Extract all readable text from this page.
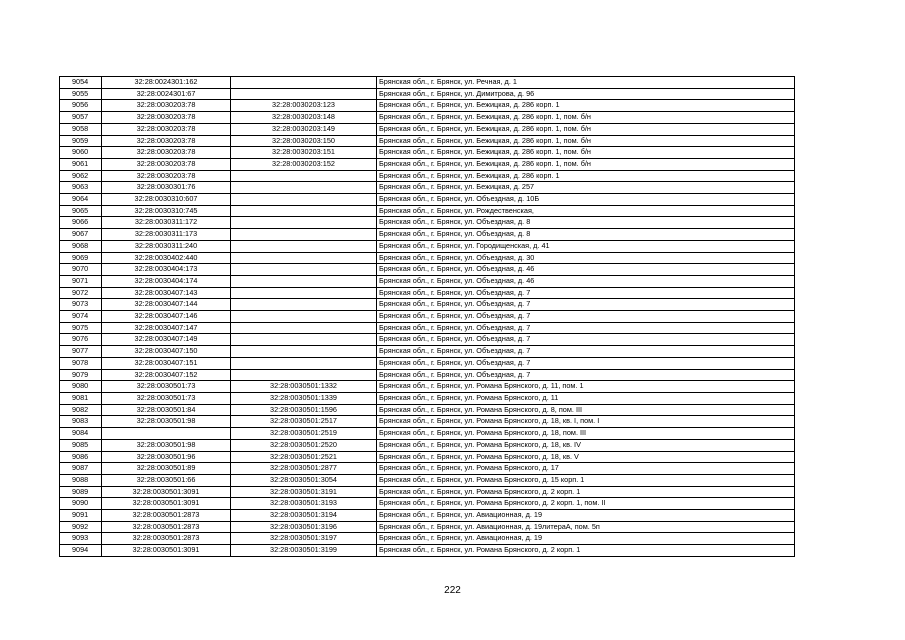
9054	32:28:0024301:162		Брянская обл., г. Брянск, ул. Речная, д. 1
9055	32:28:0024301:67		Брянская обл., г. Брянск, ул. Димитрова, д. 96
9056	32:28:0030203:78	32:28:0030203:123	Брянская обл., г. Брянск, ул. Бежицкая, д. 286 корп. 1
9057	32:28:0030203:78	32:28:0030203:148	Брянская обл., г. Брянск, ул. Бежицкая, д. 286 корп. 1, пом. б/н
9058	32:28:0030203:78	32:28:0030203:149	Брянская обл., г. Брянск, ул. Бежицкая, д. 286 корп. 1, пом. б/н
9059	32:28:0030203:78	32:28:0030203:150	Брянская обл., г. Брянск, ул. Бежицкая, д. 286 корп. 1, пом. б/н
9060	32:28:0030203:78	32:28:0030203:151	Брянская обл., г. Брянск, ул. Бежицкая, д. 286 корп. 1, пом. б/н
9061	32:28:0030203:78	32:28:0030203:152	Брянская обл., г. Брянск, ул. Бежицкая, д. 286 корп. 1, пом. б/н
9062	32:28:0030203:78		Брянская обл., г. Брянск, ул. Бежицкая, д. 286 корп. 1
9063	32:28:0030301:76		Брянская обл., г. Брянск, ул. Бежицкая, д. 257
9064	32:28:0030310:607		Брянская обл., г. Брянск, ул. Объездная, д. 10Б
9065	32:28:0030310:745		Брянская обл., г. Брянск, ул. Рождественская,
9066	32:28:0030311:172		Брянская обл., г. Брянск, ул. Объездная, д. 8
9067	32:28:0030311:173		Брянская обл., г. Брянск, ул. Объездная, д. 8
9068	32:28:0030311:240		Брянская обл., г. Брянск, ул. Городищенская, д. 41
9069	32:28:0030402:440		Брянская обл., г. Брянск, ул. Объездная, д. 30
9070	32:28:0030404:173		Брянская обл., г. Брянск, ул. Объездная, д. 46
9071	32:28:0030404:174		Брянская обл., г. Брянск, ул. Объездная, д. 46
9072	32:28:0030407:143		Брянская обл., г. Брянск, ул. Объездная, д. 7
9073	32:28:0030407:144		Брянская обл., г. Брянск, ул. Объездная, д. 7
9074	32:28:0030407:146		Брянская обл., г. Брянск, ул. Объездная, д. 7
9075	32:28:0030407:147		Брянская обл., г. Брянск, ул. Объездная, д. 7
9076	32:28:0030407:149		Брянская обл., г. Брянск, ул. Объездная, д. 7
9077	32:28:0030407:150		Брянская обл., г. Брянск, ул. Объездная, д. 7
9078	32:28:0030407:151		Брянская обл., г. Брянск, ул. Объездная, д. 7
9079	32:28:0030407:152		Брянская обл., г. Брянск, ул. Объездная, д. 7
9080	32:28:0030501:73	32:28:0030501:1332	Брянская обл., г. Брянск, ул. Романа Брянского, д. 11, пом. 1
9081	32:28:0030501:73	32:28:0030501:1339	Брянская обл., г. Брянск, ул. Романа Брянского, д. 11
9082	32:28:0030501:84	32:28:0030501:1596	Брянская обл., г. Брянск, ул. Романа Брянского, д. 8, пом. III
9083	32:28:0030501:98	32:28:0030501:2517	Брянская обл., г. Брянск, ул. Романа Брянского, д. 18, кв. I, пом. I
9084		32:28:0030501:2519	Брянская обл., г. Брянск, ул. Романа Брянского, д. 18, пом. III
9085	32:28:0030501:98	32:28:0030501:2520	Брянская обл., г. Брянск, ул. Романа Брянского, д. 18, кв. IV
9086	32:28:0030501:96	32:28:0030501:2521	Брянская обл., г. Брянск, ул. Романа Брянского, д. 18, кв. V
9087	32:28:0030501:89	32:28:0030501:2877	Брянская обл., г. Брянск, ул. Романа Брянского, д. 17
9088	32:28:0030501:66	32:28:0030501:3054	Брянская обл., г. Брянск, ул. Романа Брянского, д. 15 корп. 1
9089	32:28:0030501:3091	32:28:0030501:3191	Брянская обл., г. Брянск, ул. Романа Брянского, д. 2 корп. 1
9090	32:28:0030501:3091	32:28:0030501:3193	Брянская обл., г. Брянск, ул. Романа Брянского, д. 2 корп. 1, пом. II
9091	32:28:0030501:2873	32:28:0030501:3194	Брянская обл., г. Брянск, ул. Авиационная, д. 19
9092	32:28:0030501:2873	32:28:0030501:3196	Брянская обл., г. Брянск, ул. Авиационная, д. 19литераА, пом. 5п
9093	32:28:0030501:2873	32:28:0030501:3197	Брянская обл., г. Брянск, ул. Авиационная, д. 19
9094	32:28:0030501:3091	32:28:0030501:3199	Брянская обл., г. Брянск, ул. Романа Брянского, д. 2 корп. 1
222
